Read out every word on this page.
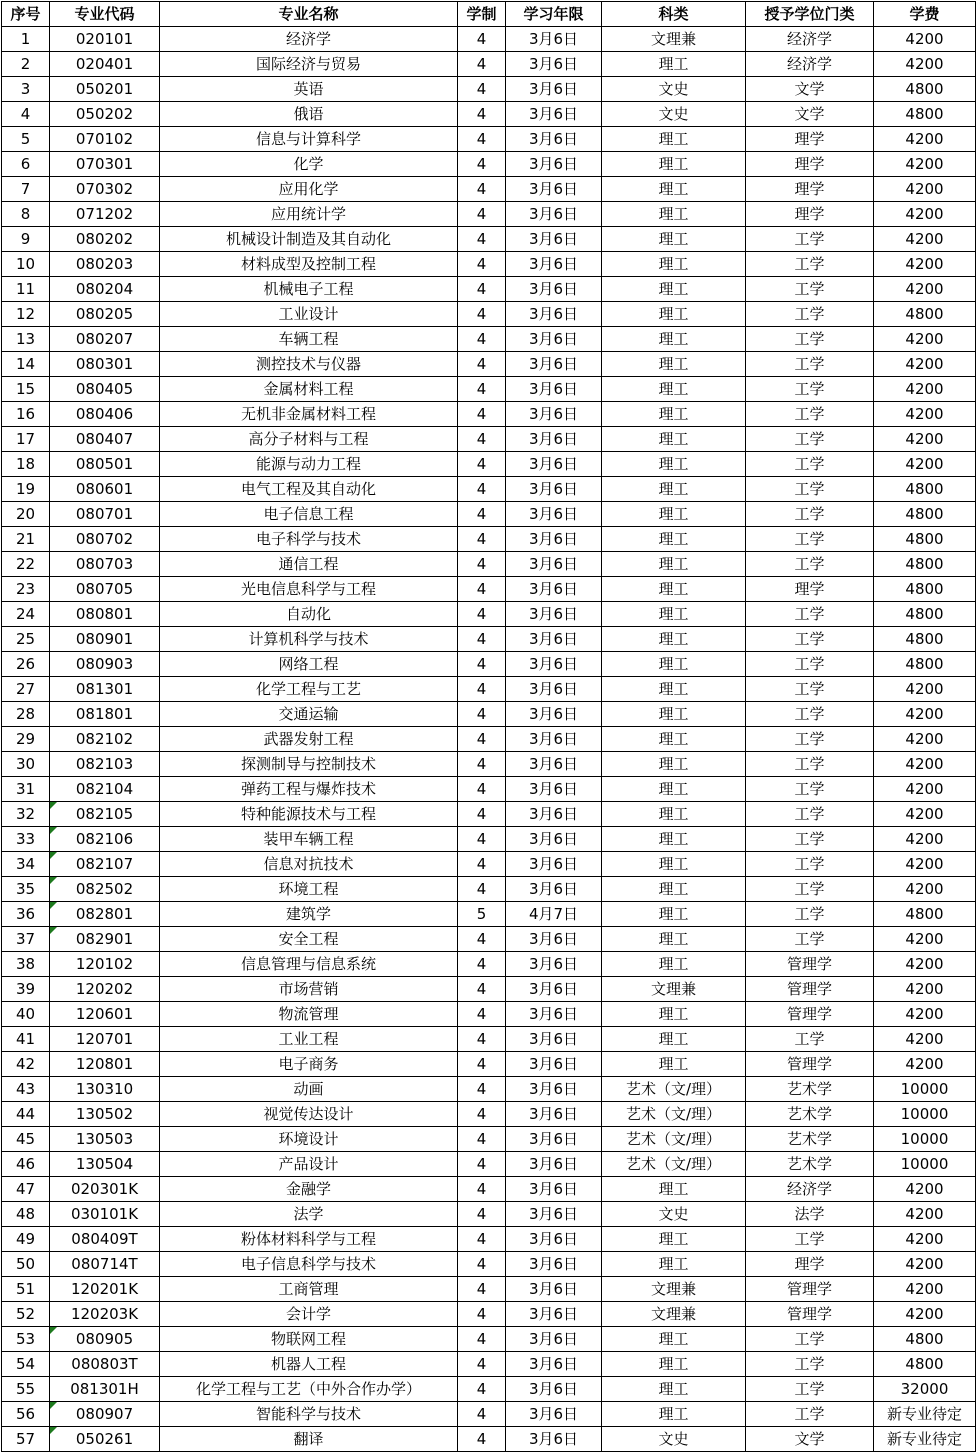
序号	专业代码	专业名称	学制	学习年限	科类	授予学位门类	学费
1	020101	经济学	4	3月6日	文理兼	经济学	4200
2	020401	国际经济与贸易	4	3月6日	理工	经济学	4200
3	050201	英语	4	3月6日	文史	文学	4800
4	050202	俄语	4	3月6日	文史	文学	4800
5	070102	信息与计算科学	4	3月6日	理工	理学	4200
6	070301	化学	4	3月6日	理工	理学	4200
7	070302	应用化学	4	3月6日	理工	理学	4200
8	071202	应用统计学	4	3月6日	理工	理学	4200
9	080202	机械设计制造及其自动化	4	3月6日	理工	工学	4200
10	080203	材料成型及控制工程	4	3月6日	理工	工学	4200
11	080204	机械电子工程	4	3月6日	理工	工学	4200
12	080205	工业设计	4	3月6日	理工	工学	4800
13	080207	车辆工程	4	3月6日	理工	工学	4200
14	080301	测控技术与仪器	4	3月6日	理工	工学	4200
15	080405	金属材料工程	4	3月6日	理工	工学	4200
16	080406	无机非金属材料工程	4	3月6日	理工	工学	4200
17	080407	高分子材料与工程	4	3月6日	理工	工学	4200
18	080501	能源与动力工程	4	3月6日	理工	工学	4200
19	080601	电气工程及其自动化	4	3月6日	理工	工学	4800
20	080701	电子信息工程	4	3月6日	理工	工学	4800
21	080702	电子科学与技术	4	3月6日	理工	工学	4800
22	080703	通信工程	4	3月6日	理工	工学	4800
23	080705	光电信息科学与工程	4	3月6日	理工	理学	4800
24	080801	自动化	4	3月6日	理工	工学	4800
25	080901	计算机科学与技术	4	3月6日	理工	工学	4800
26	080903	网络工程	4	3月6日	理工	工学	4800
27	081301	化学工程与工艺	4	3月6日	理工	工学	4200
28	081801	交通运输	4	3月6日	理工	工学	4200
29	082102	武器发射工程	4	3月6日	理工	工学	4200
30	082103	探测制导与控制技术	4	3月6日	理工	工学	4200
31	082104	弹药工程与爆炸技术	4	3月6日	理工	工学	4200
32	082105	特种能源技术与工程	4	3月6日	理工	工学	4200
33	082106	装甲车辆工程	4	3月6日	理工	工学	4200
34	082107	信息对抗技术	4	3月6日	理工	工学	4200
35	082502	环境工程	4	3月6日	理工	工学	4200
36	082801	建筑学	5	4月7日	理工	工学	4800
37	082901	安全工程	4	3月6日	理工	工学	4200
38	120102	信息管理与信息系统	4	3月6日	理工	管理学	4200
39	120202	市场营销	4	3月6日	文理兼	管理学	4200
40	120601	物流管理	4	3月6日	理工	管理学	4200
41	120701	工业工程	4	3月6日	理工	工学	4200
42	120801	电子商务	4	3月6日	理工	管理学	4200
43	130310	动画	4	3月6日	艺术（文/理）	艺术学	10000
44	130502	视觉传达设计	4	3月6日	艺术（文/理）	艺术学	10000
45	130503	环境设计	4	3月6日	艺术（文/理）	艺术学	10000
46	130504	产品设计	4	3月6日	艺术（文/理）	艺术学	10000
47	020301K	金融学	4	3月6日	理工	经济学	4200
48	030101K	法学	4	3月6日	文史	法学	4200
49	080409T	粉体材料科学与工程	4	3月6日	理工	工学	4200
50	080714T	电子信息科学与技术	4	3月6日	理工	理学	4200
51	120201K	工商管理	4	3月6日	文理兼	管理学	4200
52	120203K	会计学	4	3月6日	文理兼	管理学	4200
53	080905	物联网工程	4	3月6日	理工	工学	4800
54	080803T	机器人工程	4	3月6日	理工	工学	4800
55	081301H	化学工程与工艺（中外合作办学）	4	3月6日	理工	工学	32000
56	080907	智能科学与技术	4	3月6日	理工	工学	新专业待定
57	050261	翻译	4	3月6日	文史	文学	新专业待定
